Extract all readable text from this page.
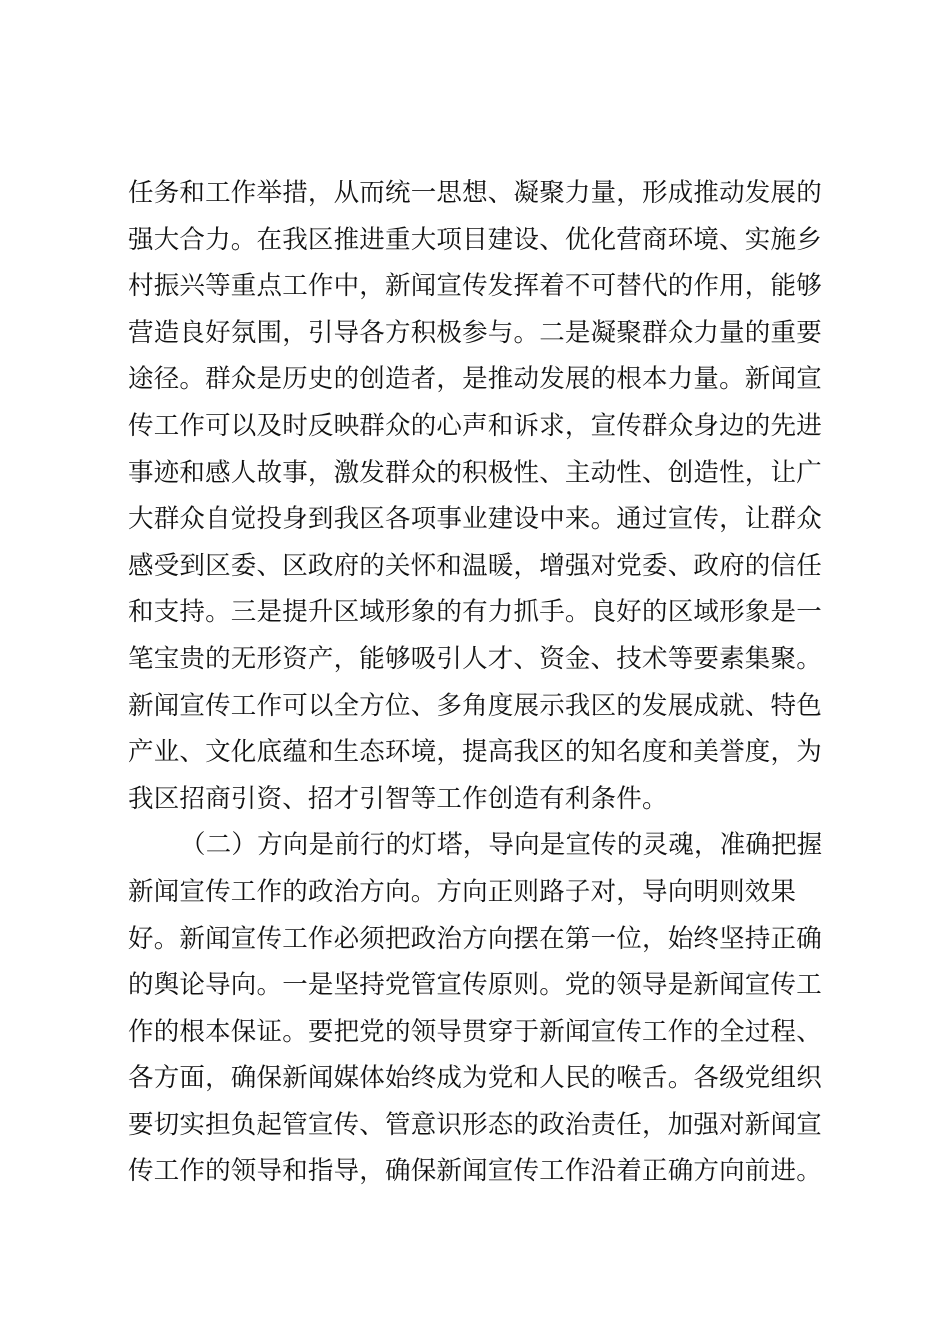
任务和工作举措，从而统一思想、凝聚力量，形成推动发展的
强大合力。在我区推进重大项目建设、优化营商环境、实施乡
村振兴等重点工作中，新闻宣传发挥着不可替代的作用，能够
营造良好氛围，引导各方积极参与。二是凝聚群众力量的重要
途径。群众是历史的创造者，是推动发展的根本力量。新闻宣
传工作可以及时反映群众的心声和诉求，宣传群众身边的先进
事迹和感人故事，激发群众的积极性、主动性、创造性，让广
大群众自觉投身到我区各项事业建设中来。通过宣传，让群众
感受到区委、区政府的关怀和温暖，增强对党委、政府的信任
和支持。三是提升区域形象的有力抓手。良好的区域形象是一
笔宝贵的无形资产，能够吸引人才、资金、技术等要素集聚。
新闻宣传工作可以全方位、多角度展示我区的发展成就、特色
产业、文化底蕴和生态环境，提高我区的知名度和美誉度，为
我区招商引资、招才引智等工作创造有利条件。
（二）方向是前行的灯塔，导向是宣传的灵魂，准确把握
新闻宣传工作的政治方向。方向正则路子对，导向明则效果
好。新闻宣传工作必须把政治方向摆在第一位，始终坚持正确
的舆论导向。一是坚持党管宣传原则。党的领导是新闻宣传工
作的根本保证。要把党的领导贯穿于新闻宣传工作的全过程、
各方面，确保新闻媒体始终成为党和人民的喉舌。各级党组织
要切实担负起管宣传、管意识形态的政治责任，加强对新闻宣
传工作的领导和指导，确保新闻宣传工作沿着正确方向前进。
